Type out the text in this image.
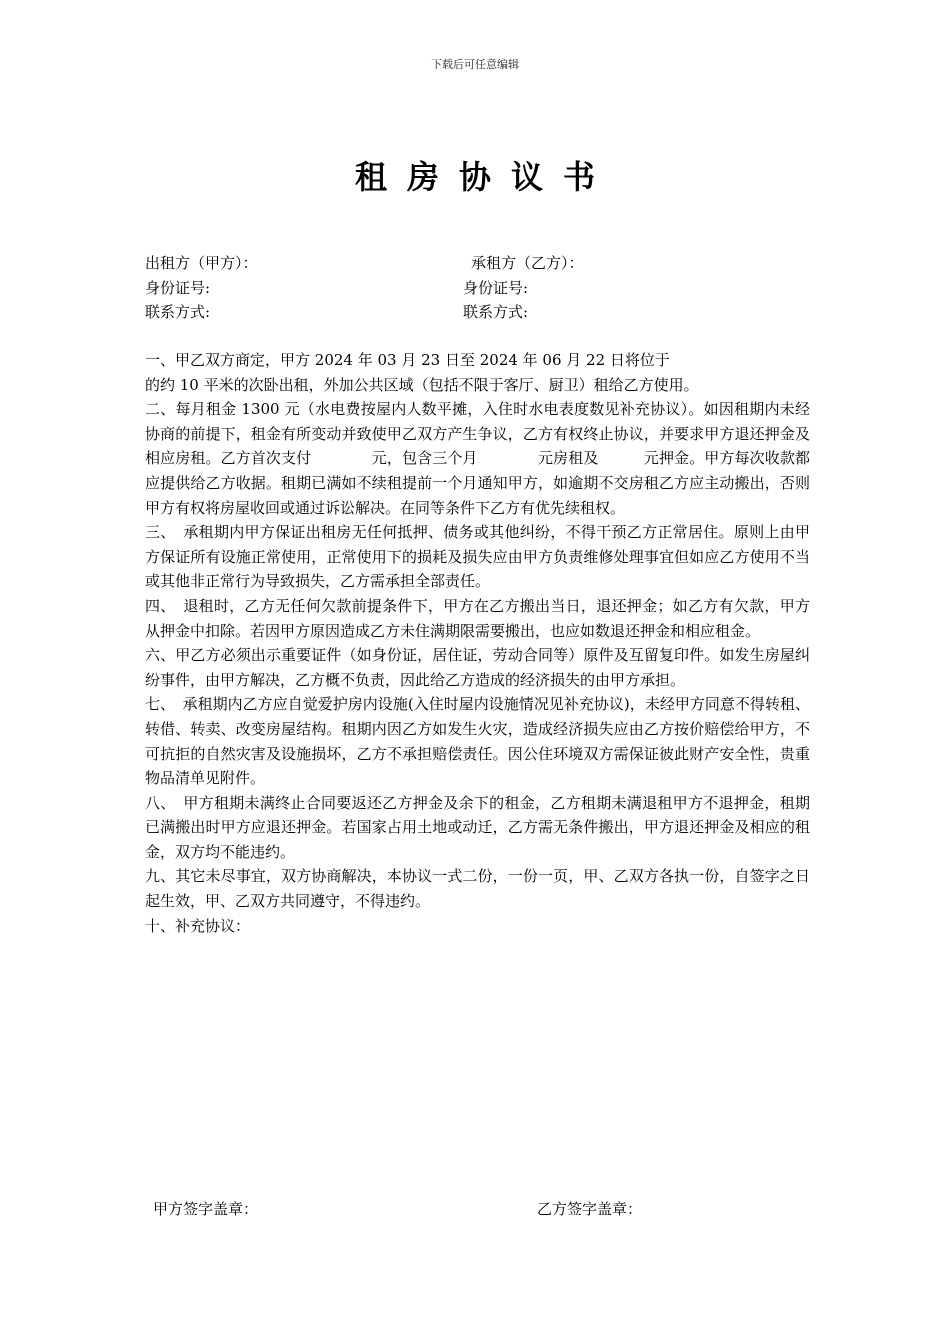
下载后可任意编辑
租房协议书
出租方（甲方）：	承租方（乙方）：
身份证号:	身份证号:
联系方式:	联系方式:

一、甲乙双方商定，甲方 2024 年 03 月 23 日至 2024 年 06 月 22 日将位于

的约 10 平米的次卧出租，外加公共区域（包括不限于客厅、厨卫）租给乙方使用。

二、每月租金 1300 元（水电费按屋内人数平摊，入住时水电表度数见补充协议）。如因租期内未经协商的前提下，租金有所变动并致使甲乙双方产生争议，乙方有权终止协议，并要求甲方退还押金及相应房租。乙方首次支付　　　　元，包含三个月　　　　元房租及　　　元押金。甲方每次收款都应提供给乙方收据。租期已满如不续租提前一个月通知甲方，如逾期不交房租乙方应主动搬出，否则甲方有权将房屋收回或通过诉讼解决。在同等条件下乙方有优先续租权。

三、　承租期内甲方保证出租房无任何抵押、债务或其他纠纷，不得干预乙方正常居住。原则上由甲方保证所有设施正常使用，正常使用下的损耗及损失应由甲方负责维修处理事宜但如应乙方使用不当或其他非正常行为导致损失，乙方需承担全部责任。

四、　退租时，乙方无任何欠款前提条件下，甲方在乙方搬出当日，退还押金；如乙方有欠款，甲方从押金中扣除。若因甲方原因造成乙方未住满期限需要搬出，也应如数退还押金和相应租金。

六、甲乙方必须出示重要证件（如身份证，居住证，劳动合同等）原件及互留复印件。如发生房屋纠纷事件，由甲方解决，乙方概不负责，因此给乙方造成的经济损失的由甲方承担。

七、　承租期内乙方应自觉爱护房内设施(入住时屋内设施情况见补充协议)，未经甲方同意不得转租、转借、转卖、改变房屋结构。租期内因乙方如发生火灾，造成经济损失应由乙方按价赔偿给甲方，不可抗拒的自然灾害及设施损坏，乙方不承担赔偿责任。因公住环境双方需保证彼此财产安全性，贵重物品清单见附件。

八、　甲方租期未满终止合同要返还乙方押金及余下的租金，乙方租期未满退租甲方不退押金，租期已满搬出时甲方应退还押金。若国家占用土地或动迁，乙方需无条件搬出，甲方退还押金及相应的租金，双方均不能违约。

九、其它未尽事宜，双方协商解决，本协议一式二份，一份一页，甲、乙双方各执一份，自签字之日起生效，甲、乙双方共同遵守，不得违约。

十、补充协议：

甲方签字盖章：	乙方签字盖章：
